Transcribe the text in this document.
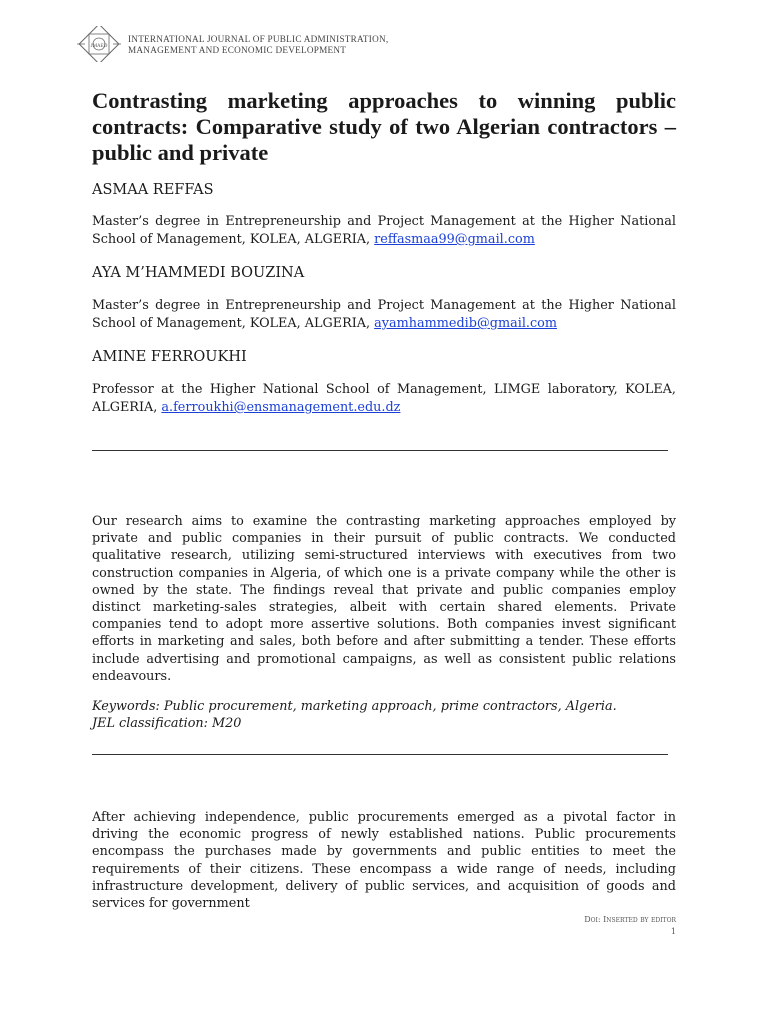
JMAED
INTERNATIONAL JOURNAL OF PUBLIC ADMINISTRATION,
MANAGEMENT AND ECONOMIC DEVELOPMENT
Contrasting marketing approaches to winning public contracts: Comparative study of two Algerian contractors – public and private

ASMAA REFFAS

Master’s degree in Entrepreneurship and Project Management at the Higher National School of Management, KOLEA, ALGERIA, reffasmaa99@gmail.com

AYA M’HAMMEDI BOUZINA

Master’s degree in Entrepreneurship and Project Management at the Higher National School of Management, KOLEA, ALGERIA, ayamhammedib@gmail.com

AMINE FERROUKHI

Professor at the Higher National School of Management, LIMGE laboratory, KOLEA, ALGERIA, a.ferroukhi@ensmanagement.edu.dz

Our research aims to examine the contrasting marketing approaches employed by private and public companies in their pursuit of public contracts. We conducted qualitative research, utilizing semi-structured interviews with executives from two construction companies in Algeria, of which one is a private company while the other is owned by the state. The findings reveal that private and public companies employ distinct marketing-sales strategies, albeit with certain shared elements. Private companies tend to adopt more assertive solutions. Both companies invest significant efforts in marketing and sales, both before and after submitting a tender. These efforts include advertising and promotional campaigns, as well as consistent public relations endeavours.

Keywords: Public procurement, marketing approach, prime contractors, Algeria.
JEL classification: M20

After achieving independence, public procurements emerged as a pivotal factor in driving the economic progress of newly established nations. Public procurements encompass the purchases made by governments and public entities to meet the requirements of their citizens. These encompass a wide range of needs, including infrastructure development, delivery of public services, and acquisition of goods and services for government

Doi: Inserted by editor
1
